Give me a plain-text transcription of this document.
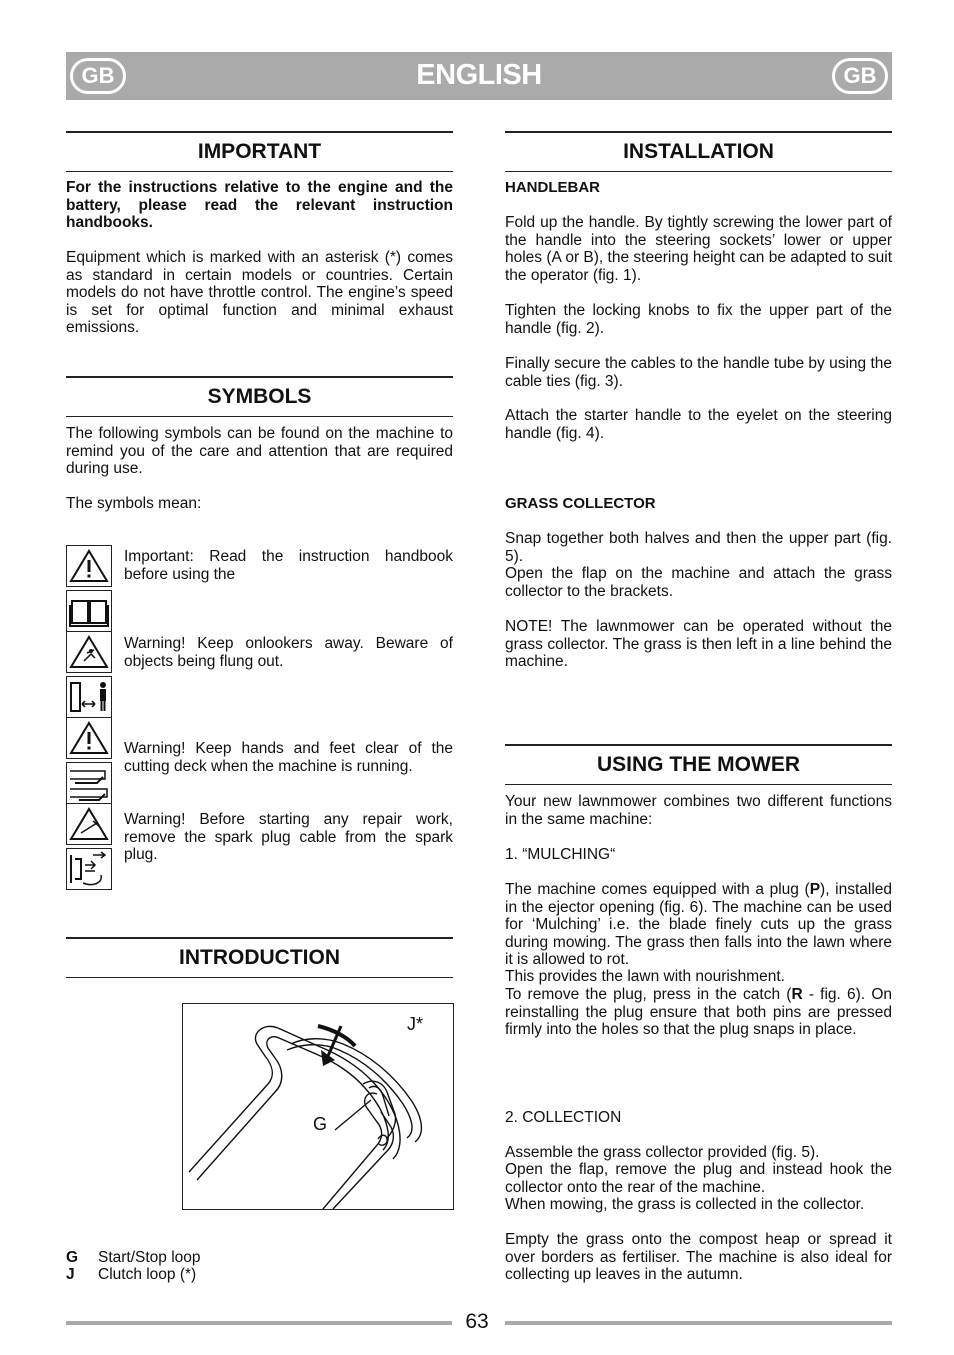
GB	ENGLISH	GB
IMPORTANT
For the instructions relative to the engine and the battery, please read the relevant instruction handbooks.
Equipment which is marked with an asterisk (*) comes as standard in certain models or countries. Certain models do not have throttle control. The engine’s speed is set for optimal function and minimal exhaust emissions.
SYMBOLS
The following symbols can be found on the machine to remind you of the care and attention that are required during use.
The symbols mean:
Important: Read the instruction handbook before using the
Warning! Keep onlookers away. Beware of objects being flung out.
Warning! Keep hands and feet clear of the cutting deck when the machine is running.
Warning! Before starting any repair work, remove the spark plug cable from the spark plug.
INTRODUCTION
J*
G
G	Start/Stop loop
J	Clutch loop (*)
INSTALLATION
HANDLEBAR
Fold up the handle. By tightly screwing the lower part of the handle into the steering sockets’ lower or upper holes (A or B), the steering height can be adapted to suit the operator (fig. 1).
Tighten the locking knobs to fix the upper part of the handle (fig. 2).
Finally secure the cables to the handle tube by using the cable ties (fig. 3).
Attach the starter handle to the eyelet on the steering handle (fig. 4).
GRASS COLLECTOR
Snap together both halves and then the upper part (fig. 5).
Open the flap on the machine and attach the grass collector to the brackets.
NOTE! The lawnmower can be operated without the grass collector. The grass is then left in a line behind the machine.
USING THE MOWER
Your new lawnmower combines two different functions in the same machine:
1. “MULCHING“
The machine comes equipped with a plug (P), installed in the ejector opening (fig. 6). The machine can be used for ‘Mulching’ i.e. the blade finely cuts up the grass during mowing. The grass then falls into the lawn where it is allowed to rot.
This provides the lawn with nourishment.
To remove the plug, press in the catch (R - fig. 6). On reinstalling the plug ensure that both pins are pressed firmly into the holes so that the plug snaps in place.
2. COLLECTION
Assemble the grass collector provided (fig. 5).
Open the flap, remove the plug and instead hook the collector onto the rear of the machine.
When mowing, the grass is collected in the collector.
Empty the grass onto the compost heap or spread it over borders as fertiliser. The machine is also ideal for collecting up leaves in the autumn.
63
